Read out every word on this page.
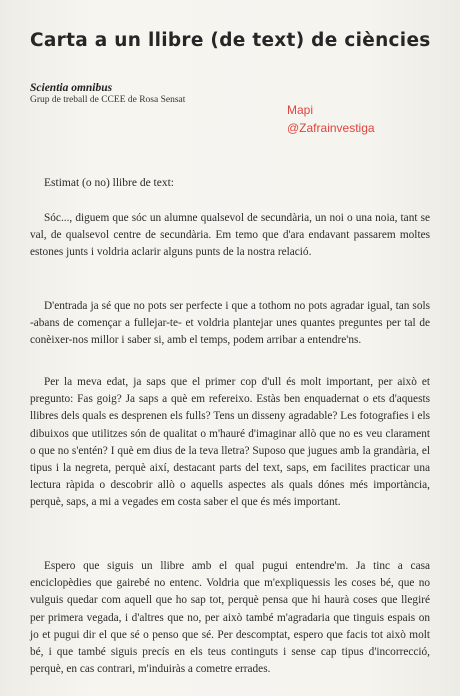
Carta a un llibre (de text) de ciències
Scientia omnibus
Grup de treball de CCEE de Rosa Sensat
Mapi
@Zafrainvestiga
Estimat (o no) llibre de text:

Sóc..., diguem que sóc un alumne qualsevol de secundària, un noi o una noia, tant se val, de qualsevol centre de secundària. Em temo que d'ara endavant passarem moltes estones junts i voldria aclarir alguns punts de la nostra relació.

D'entrada ja sé que no pots ser perfecte i que a tothom no pots agradar igual, tan sols -abans de començar a fullejar-te- et voldria plantejar unes quantes preguntes per tal de conèixer-nos millor i saber si, amb el temps, podem arribar a entendre'ns.

Per la meva edat, ja saps que el primer cop d'ull és molt important, per això et pregunto: Fas goig? Ja saps a què em refereixo. Estàs ben enquadernat o ets d'aquests llibres dels quals es desprenen els fulls? Tens un disseny agradable? Les fotografies i els dibuixos que utilitzes són de qualitat o m'hauré d'imaginar allò que no es veu clarament o que no s'entén? I què em dius de la teva lletra? Suposo que jugues amb la grandària, el tipus i la negreta, perquè així, destacant parts del text, saps, em facilites practicar una lectura ràpida o descobrir allò o aquells aspectes als quals dónes més importància, perquè, saps, a mi a vegades em costa saber el que és més important.

Espero que siguis un llibre amb el qual pugui entendre'm. Ja tinc a casa enciclopèdies que gairebé no entenc. Voldria que m'expliquessis les coses bé, que no vulguis quedar com aquell que ho sap tot, perquè pensa que hi haurà coses que llegiré per primera vegada, i d'altres que no, per això també m'agradaria que tinguis espais on jo et pugui dir el que sé o penso que sé. Per descomptat, espero que facis tot això molt bé, i que també siguis precís en els teus continguts i sense cap tipus d'incorrecció, perquè, en cas contrari, m'induiràs a cometre errades.
